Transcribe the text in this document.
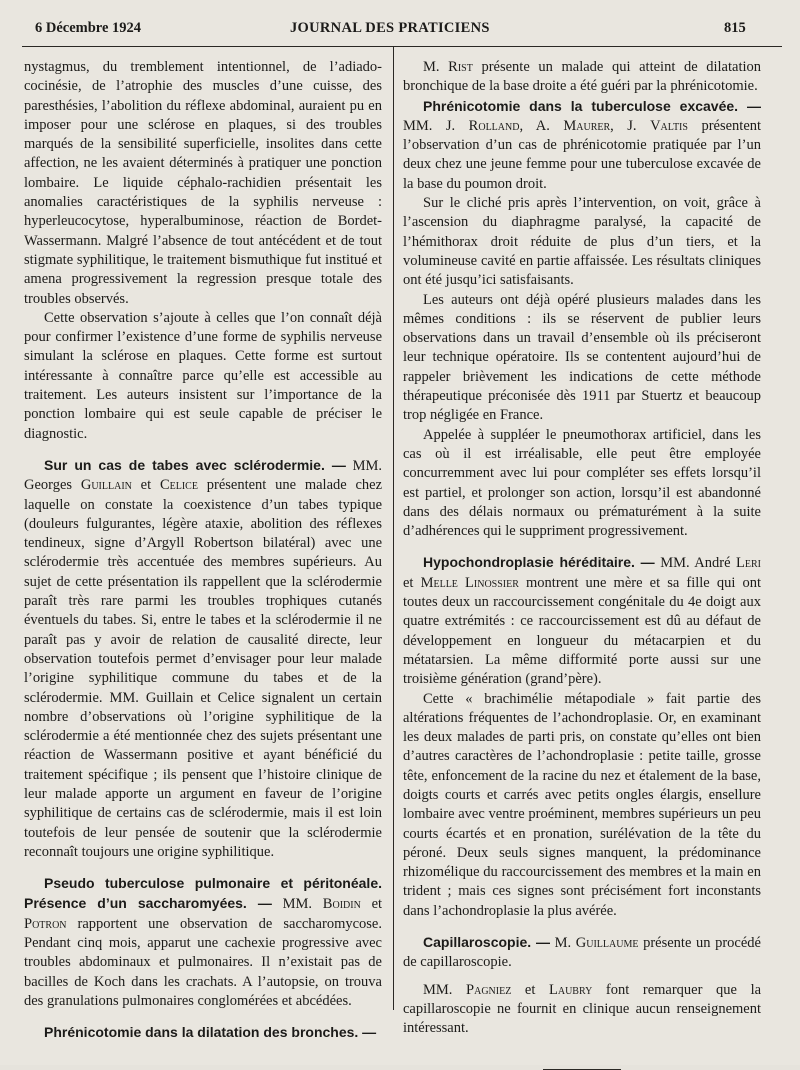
6 Décembre 1924	JOURNAL DES PRATICIENS	815

nystagmus, du tremblement intentionnel, de l’adiado-cocinésie, de l’atrophie des muscles d’une cuisse, des paresthésies, l’abolition du réflexe abdominal, auraient pu en imposer pour une sclérose en plaques, si des troubles marqués de la sensibilité superficielle, insolites dans cette affection, ne les avaient déterminés à pratiquer une ponction lombaire. Le liquide céphalo-rachidien présentait les anomalies caractéristiques de la syphilis nerveuse : hyperleucocytose, hyperalbuminose, réaction de Bordet-Wassermann. Malgré l’absence de tout antécédent et de tout stigmate syphilitique, le traitement bismuthique fut institué et amena progressivement la regression presque totale des troubles observés.

Cette observation s’ajoute à celles que l’on connaît déjà pour confirmer l’existence d’une forme de syphilis nerveuse simulant la sclérose en plaques. Cette forme est surtout intéressante à connaître parce qu’elle est accessible au traitement. Les auteurs insistent sur l’importance de la ponction lombaire qui est seule capable de préciser le diagnostic.

Sur un cas de tabes avec sclérodermie. — MM. Georges Guillain et Celice présentent une malade chez laquelle on constate la coexistence d’un tabes typique (douleurs fulgurantes, légère ataxie, abolition des réflexes tendineux, signe d’Argyll Robertson bilatéral) avec une sclérodermie très accentuée des membres supérieurs. Au sujet de cette présentation ils rappellent que la sclérodermie paraît très rare parmi les troubles trophiques cutanés éventuels du tabes. Si, entre le tabes et la sclérodermie il ne paraît pas y avoir de relation de causalité directe, leur observation toutefois permet d’envisager pour leur malade l’origine syphilitique commune du tabes et de la sclérodermie. MM. Guillain et Celice signalent un certain nombre d’observations où l’origine syphilitique de la sclérodermie a été mentionnée chez des sujets présentant une réaction de Wassermann positive et ayant bénéficié du traitement spécifique ; ils pensent que l’histoire clinique de leur malade apporte un argument en faveur de l’origine syphilitique de certains cas de sclérodermie, mais il est loin toutefois de leur pensée de soutenir que la sclérodermie reconnaît toujours une origine syphilitique.

Pseudo tuberculose pulmonaire et péritonéale. Présence d’un saccharomyées. — MM. Boidin et Potron rapportent une observation de saccharomycose. Pendant cinq mois, apparut une cachexie progressive avec troubles abdominaux et pulmonaires. Il n’existait pas de bacilles de Koch dans les crachats. A l’autopsie, on trouva des granulations pulmonaires conglomérées et abcédées.

Phrénicotomie dans la dilatation des bronches. —

M. Rist présente un malade qui atteint de dilatation bronchique de la base droite a été guéri par la phrénicotomie.

Phrénicotomie dans la tuberculose excavée. — MM. J. Rolland, A. Maurer, J. Valtis présentent l’observation d’un cas de phrénicotomie pratiquée par l’un deux chez une jeune femme pour une tuberculose excavée de la base du poumon droit.

Sur le cliché pris après l’intervention, on voit, grâce à l’ascension du diaphragme paralysé, la capacité de l’hémithorax droit réduite de plus d’un tiers, et la volumineuse cavité en partie affaissée. Les résultats cliniques ont été jusqu’ici satisfaisants.

Les auteurs ont déjà opéré plusieurs malades dans les mêmes conditions : ils se réservent de publier leurs observations dans un travail d’ensemble où ils préciseront leur technique opératoire. Ils se contentent aujourd’hui de rappeler brièvement les indications de cette méthode thérapeutique préconisée dès 1911 par Stuertz et beaucoup trop négligée en France.

Appelée à suppléer le pneumothorax artificiel, dans les cas où il est irréalisable, elle peut être employée concurremment avec lui pour compléter ses effets lorsqu’il est partiel, et prolonger son action, lorsqu’il est abandonné dans des délais normaux ou prématurément à la suite d’adhérences qui le suppriment progressivement.

Hypochondroplasie héréditaire. — MM. André Leri et Melle Linossier montrent une mère et sa fille qui ont toutes deux un raccourcissement congénitale du 4e doigt aux quatre extrémités : ce raccourcissement est dû au défaut de développement en longueur du métacarpien et du métatarsien. La même difformité porte aussi sur une troisième génération (grand’père).

Cette « brachimélie métapodiale » fait partie des altérations fréquentes de l’achondroplasie. Or, en examinant les deux malades de parti pris, on constate qu’elles ont bien d’autres caractères de l’achondroplasie : petite taille, grosse tête, enfoncement de la racine du nez et étalement de la base, doigts courts et carrés avec petits ongles élargis, ensellure lombaire avec ventre proéminent, membres supérieurs un peu courts écartés et en pronation, surélévation de la tête du péroné. Deux seuls signes manquent, la prédominance rhizomélique du raccourcissement des membres et la main en trident ; mais ces signes sont précisément fort inconstants dans l’achondroplasie la plus avérée.

Capillaroscopie. — M. Guillaume présente un procédé de capillaroscopie.

MM. Pagniez et Laubry font remarquer que la capillaroscopie ne fournit en clinique aucun renseignement intéressant.
